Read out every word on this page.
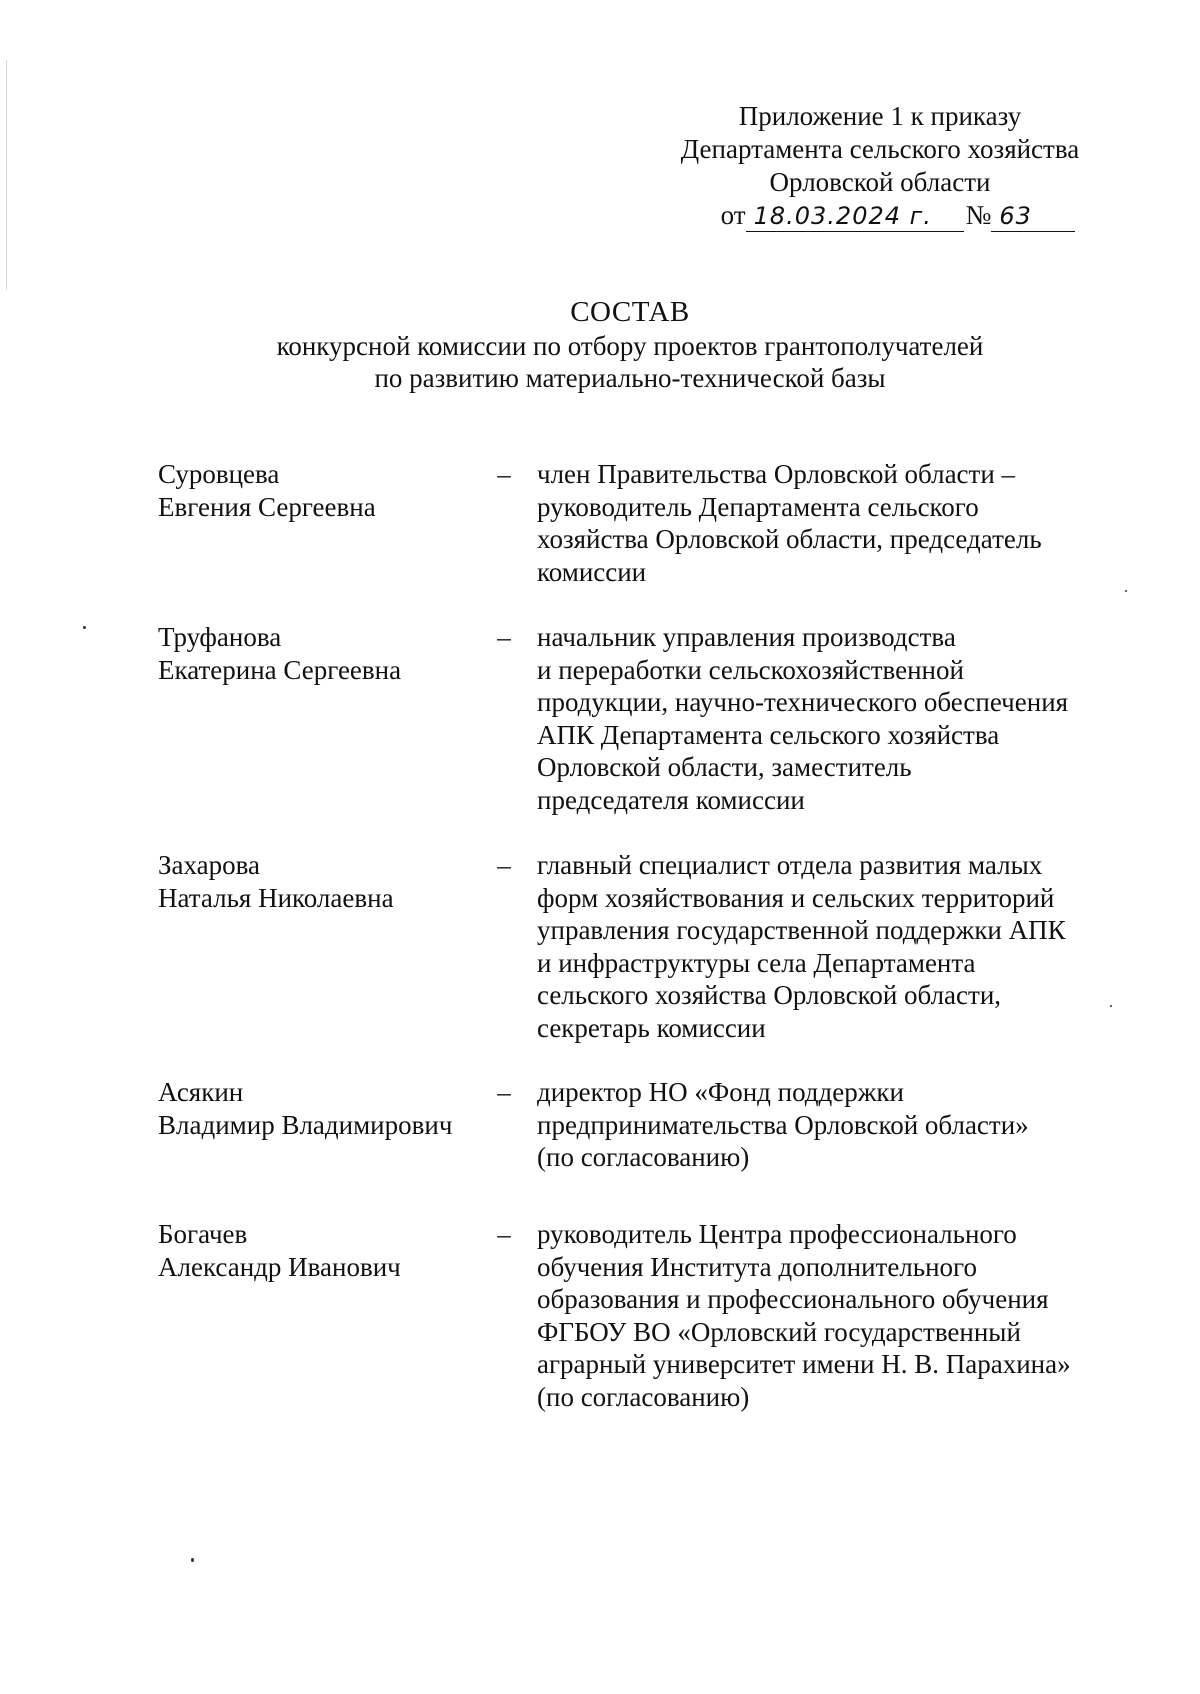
Приложение 1 к приказу
Департамента сельского хозяйства
Орловской области
от 18.03.2024 г.	№ 63
СОСТАВ
конкурсной комиссии по отбору проектов грантополучателей
по развитию материально-технической базы
Суровцева
Евгения Сергеевна
– член Правительства Орловской области –
руководитель Департамента сельского
хозяйства Орловской области, председатель
комиссии
Труфанова
Екатерина Сергеевна
– начальник управления производства
и переработки сельскохозяйственной
продукции, научно-технического обеспечения
АПК Департамента сельского хозяйства
Орловской области, заместитель
председателя комиссии
Захарова
Наталья Николаевна
– главный специалист отдела развития малых
форм хозяйствования и сельских территорий
управления государственной поддержки АПК
и инфраструктуры села Департамента
сельского хозяйства Орловской области,
секретарь комиссии
Асякин
Владимир Владимирович
– директор НО «Фонд поддержки
предпринимательства Орловской области»
(по согласованию)
Богачев
Александр Иванович
– руководитель Центра профессионального
обучения Института дополнительного
образования и профессионального обучения
ФГБОУ ВО «Орловский государственный
аграрный университет имени Н. В. Парахина»
(по согласованию)
